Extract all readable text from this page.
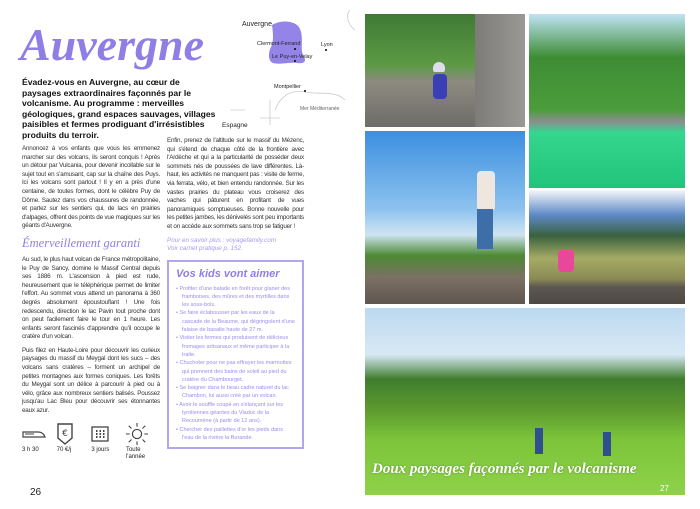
Auvergne
Évadez-vous en Auvergne, au cœur de paysages extraordinaires façonnés par le volcanisme. Au programme : merveilles géologiques, grand espaces sauvages, villages paisibles et fermes prodiguant d'irrésistibles produits du terroir.
Annoncez à vos enfants que vous les emmenez marcher sur des volcans, ils seront conquis ! Après un détour par Vulcania, pour devenir incollable sur le sujet tout en s'amusant, cap sur la chaîne des Puys. Ici les volcans sont partout ! Il y en a près d'une centaine, de toutes formes, dont le célèbre Puy de Dôme. Sautez dans vos chaussures de randonnée, et partez sur les sentiers qui, de lacs en prairies d'alpages, offrent des points de vue magiques sur les géants d'Auvergne.
Émerveillement garanti
Au sud, le plus haut volcan de France métropolitaine, le Puy de Sancy, domine le Massif Central depuis ses 1886 m. L'ascension à pied est rude, heureusement que le téléphérique permet de limiter l'effort. Au sommet vous attend un panorama à 360 degrés absolument époustouflant ! Une fois redescendu, direction le lac Pavin tout proche dont on peut facilement faire le tour en 1 heure. Les enfants seront fascinés d'apprendre qu'il occupe le cratère d'un volcan.
Puis filez en Haute-Loire pour découvrir les curieux paysages du massif du Meygal dont les sucs – des volcans sans cratères – forment un archipel de petites montagnes aux formes coniques. Les forêts du Meygal sont un délice à parcourir à pied ou à vélo, grâce aux nombreux sentiers balisés. Poussez jusqu'au Lac Bleu pour découvrir ses étonnantes eaux azur.
3 h 30
€
70 €/j	3 jours	Toute l'année
26
Enfin, prenez de l'altitude sur le massif du Mézenc, qui s'étend de chaque côté de la frontière avec l'Ardèche et qui a la particularité de posséder deux sommets nés de poussées de lave différentes. Là-haut, les activités ne manquent pas : visite de ferme, via ferrata, vélo, et bien entendu randonnée. Sur les vastes prairies du plateau vous croiserez des vaches qui pâturent en profitant de vues panoramiques somptueuses. Bonne nouvelle pour les petites jambes, les dénivelés sont peu importants et on accède aux sommets sans trop se fatiguer !
Pour en savoir plus : voyagefamily.com
Voir carnet pratique p. 152.
Vos kids vont aimer
• Profiter d'une balade en forêt pour glaner des framboises, des mûres et des myrtilles dans les sous-bois.
• Se faire éclabousser par les eaux de la cascade de la Beaume, qui dégringolent d'une falaise de basalte haute de 27 m.
• Visiter les fermes qui produisent de délicieux fromages artisanaux et même participer à la traite.
• Chuchoter pour ne pas effrayer les marmottes qui prennent des bains de soleil au pied du cratère du Chambourget.
• Se baigner dans le beau cadre naturel du lac Chambon, lui aussi créé par un volcan.
• Avoir le souffle coupé en s'élançant sur les tyroliennes géantes du Viaduc de la Recoumène (à partir de 12 ans).
• Chercher des paillettes d'or les pieds dans l'eau de la rivière la Burande.
Auvergne
Clermont-Ferrand
Le Puy-en-Velay
Lyon
Montpellier
Mer Méditerranée
Espagne
Doux paysages façonnés par le volcanisme
27
